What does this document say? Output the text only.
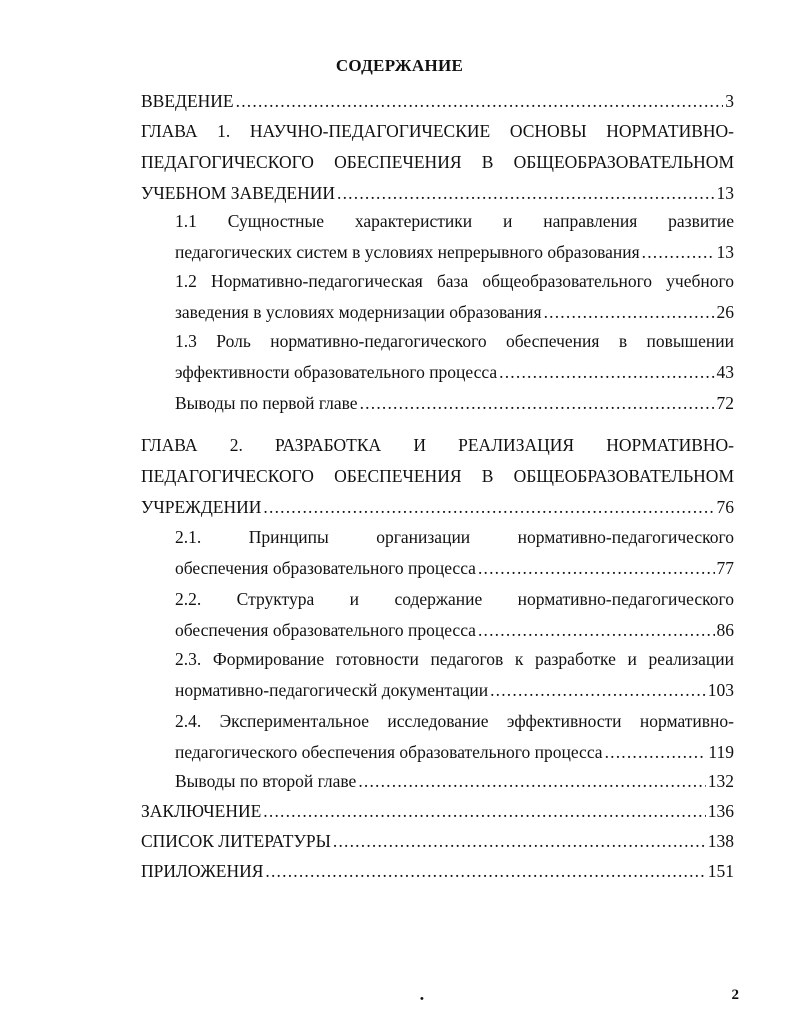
СОДЕРЖАНИЕ
ВВЕДЕНИЕ .....	3
ГЛАВА 1. НАУЧНО-ПЕДАГОГИЧЕСКИЕ ОСНОВЫ НОРМАТИВНО-
ПЕДАГОГИЧЕСКОГО ОБЕСПЕЧЕНИЯ В ОБЩЕОБРАЗОВАТЕЛЬНОМ
УЧЕБНОМ ЗАВЕДЕНИИ .....	13
1.1 Сущностные характеристики и направления развитие
педагогических систем в условиях непрерывного образования .....	13
1.2 Нормативно-педагогическая база общеобразовательного учебного
заведения в условиях модернизации образования .....	26
1.3 Роль нормативно-педагогического обеспечения в повышении
эффективности образовательного процесса .....	43
Выводы по первой главе .....	72
ГЛАВА 2. РАЗРАБОТКА И РЕАЛИЗАЦИЯ НОРМАТИВНО-
ПЕДАГОГИЧЕСКОГО ОБЕСПЕЧЕНИЯ В ОБЩЕОБРАЗОВАТЕЛЬНОМ
УЧРЕЖДЕНИИ .....	76
2.1. Принципы организации нормативно-педагогического
обеспечения образовательного процесса .....	77
2.2. Структура и содержание нормативно-педагогического
обеспечения образовательного процесса .....	86
2.3. Формирование готовности педагогов к разработке и реализации
нормативно-педагогическй документации .....	103
2.4. Экспериментальное исследование эффективности нормативно-
педагогического обеспечения образовательного процесса .....	119
Выводы по второй главе .....	132
ЗАКЛЮЧЕНИЕ .....	136
СПИСОК ЛИТЕРАТУРЫ .....	138
ПРИЛОЖЕНИЯ .....	151
•	2
